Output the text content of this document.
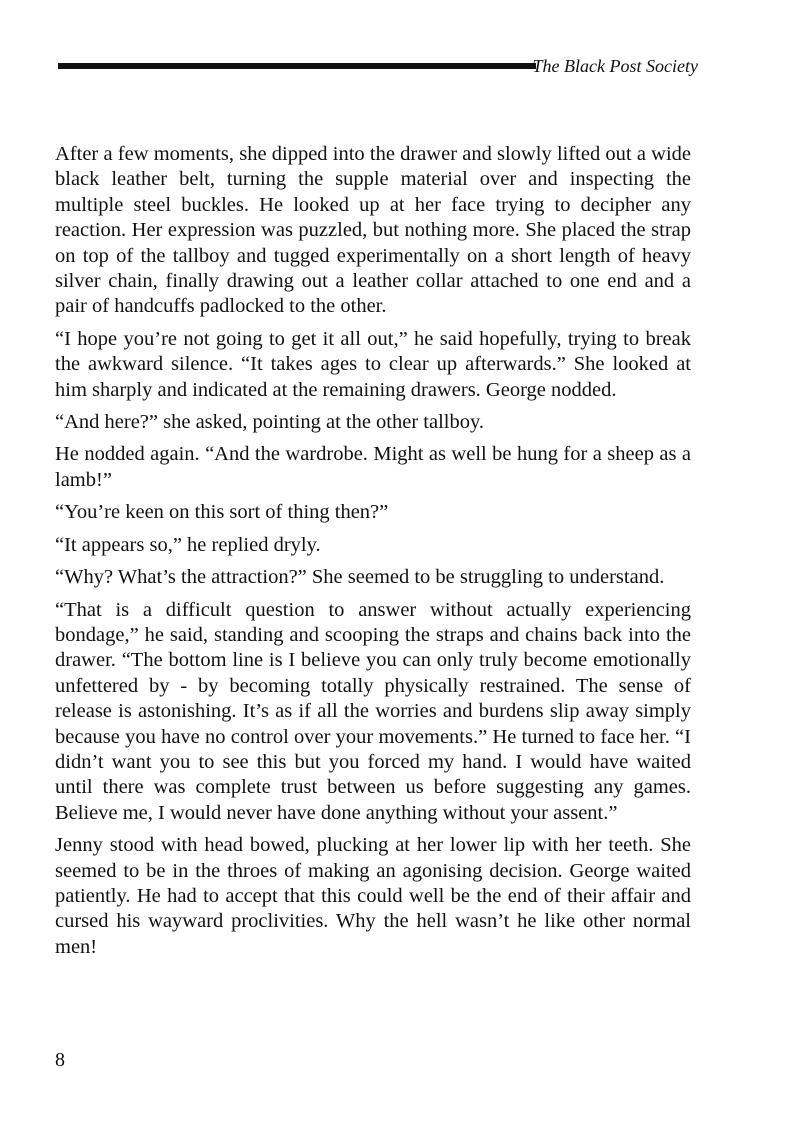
The Black Post Society

After a few moments, she dipped into the drawer and slowly lifted out a wide black leather belt, turning the supple material over and inspecting the multiple steel buckles. He looked up at her face trying to decipher any reaction. Her expression was puzzled, but nothing more. She placed the strap on top of the tallboy and tugged experimentally on a short length of heavy silver chain, finally drawing out a leather collar attached to one end and a pair of handcuffs padlocked to the other.

“I hope you’re not going to get it all out,” he said hopefully, trying to break the awkward silence. “It takes ages to clear up afterwards.” She looked at him sharply and indicated at the remaining drawers. George nodded.

“And here?” she asked, pointing at the other tallboy.

He nodded again. “And the wardrobe. Might as well be hung for a sheep as a lamb!”

“You’re keen on this sort of thing then?”

“It appears so,” he replied dryly.

“Why? What’s the attraction?” She seemed to be struggling to understand.

“That is a difficult question to answer without actually experiencing bondage,” he said, standing and scooping the straps and chains back into the drawer. “The bottom line is I believe you can only truly become emotionally unfettered by - by becoming totally physically restrained. The sense of release is astonishing. It’s as if all the worries and burdens slip away simply because you have no control over your movements.” He turned to face her. “I didn’t want you to see this but you forced my hand. I would have waited until there was complete trust between us before suggesting any games. Believe me, I would never have done anything without your assent.”

Jenny stood with head bowed, plucking at her lower lip with her teeth. She seemed to be in the throes of making an agonising decision. George waited patiently. He had to accept that this could well be the end of their affair and cursed his wayward proclivities. Why the hell wasn’t he like other normal men!

8
